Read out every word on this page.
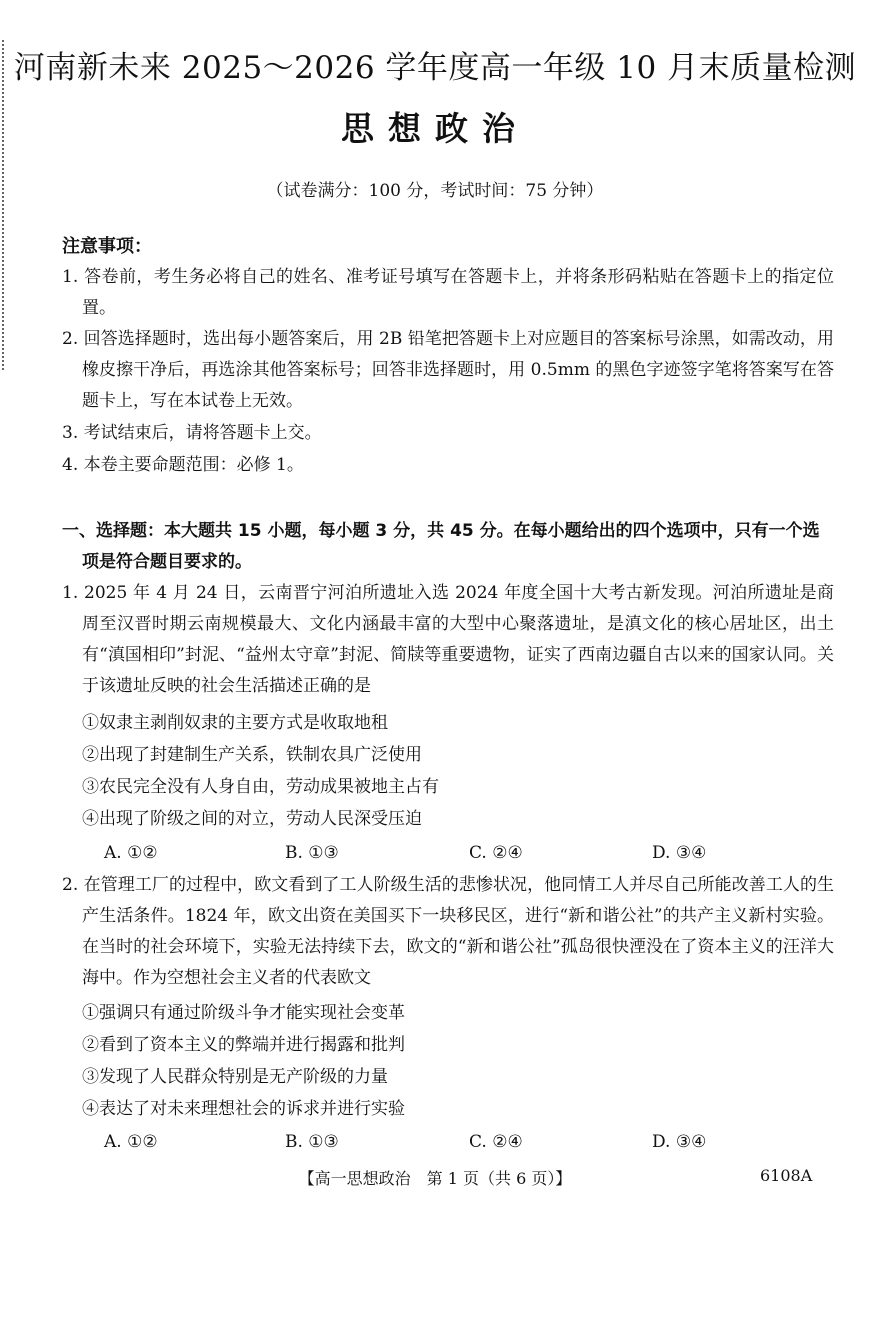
河南新未来 2025～2026 学年度高一年级 10 月末质量检测
思想政治
（试卷满分：100 分，考试时间：75 分钟）
注意事项：
1. 答卷前，考生务必将自己的姓名、准考证号填写在答题卡上，并将条形码粘贴在答题卡上的指定位置。
2. 回答选择题时，选出每小题答案后，用 2B 铅笔把答题卡上对应题目的答案标号涂黑，如需改动，用橡皮擦干净后，再选涂其他答案标号；回答非选择题时，用 0.5mm 的黑色字迹签字笔将答案写在答题卡上，写在本试卷上无效。
3. 考试结束后，请将答题卡上交。
4. 本卷主要命题范围：必修 1。
一、选择题：本大题共 15 小题，每小题 3 分，共 45 分。在每小题给出的四个选项中，只有一个选项是符合题目要求的。
1. 2025 年 4 月 24 日，云南晋宁河泊所遗址入选 2024 年度全国十大考古新发现。河泊所遗址是商周至汉晋时期云南规模最大、文化内涵最丰富的大型中心聚落遗址，是滇文化的核心居址区，出土有“滇国相印”封泥、“益州太守章”封泥、简牍等重要遗物，证实了西南边疆自古以来的国家认同。关于该遗址反映的社会生活描述正确的是
①奴隶主剥削奴隶的主要方式是收取地租
②出现了封建制生产关系，铁制农具广泛使用
③农民完全没有人身自由，劳动成果被地主占有
④出现了阶级之间的对立，劳动人民深受压迫
A. ①②	B. ①③	C. ②④	D. ③④
2. 在管理工厂的过程中，欧文看到了工人阶级生活的悲惨状况，他同情工人并尽自己所能改善工人的生产生活条件。1824 年，欧文出资在美国买下一块移民区，进行“新和谐公社”的共产主义新村实验。在当时的社会环境下，实验无法持续下去，欧文的“新和谐公社”孤岛很快湮没在了资本主义的汪洋大海中。作为空想社会主义者的代表欧文
①强调只有通过阶级斗争才能实现社会变革
②看到了资本主义的弊端并进行揭露和批判
③发现了人民群众特别是无产阶级的力量
④表达了对未来理想社会的诉求并进行实验
A. ①②	B. ①③	C. ②④	D. ③④
【高一思想政治　第 1 页（共 6 页）】	6108A
